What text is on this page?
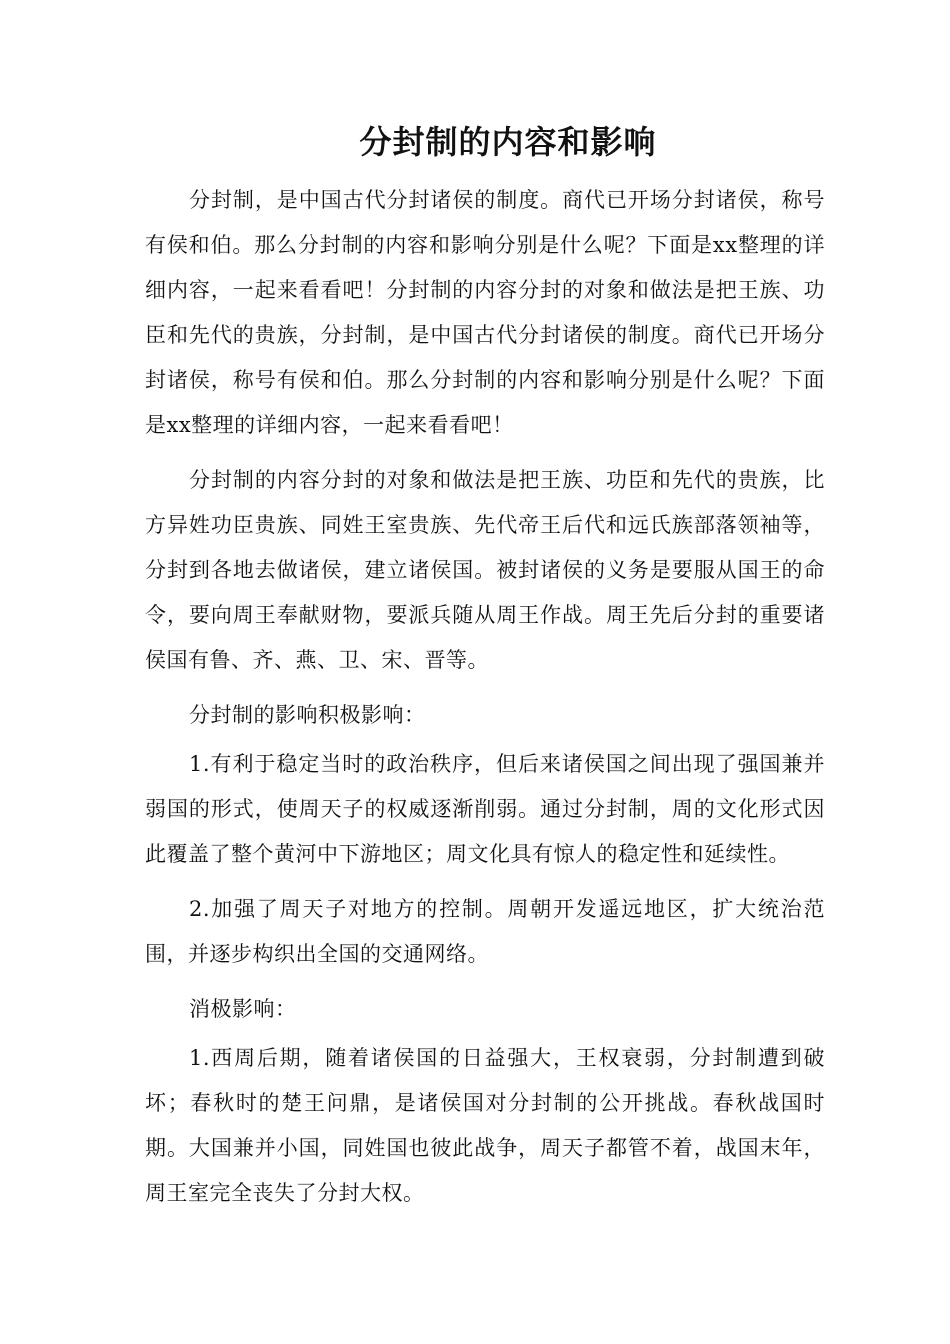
分封制的内容和影响

分封制，是中国古代分封诸侯的制度。商代已开场分封诸侯，称号有侯和伯。那么分封制的内容和影响分别是什么呢？下面是xx整理的详细内容，一起来看看吧！分封制的内容分封的对象和做法是把王族、功臣和先代的贵族，分封制，是中国古代分封诸侯的制度。商代已开场分封诸侯，称号有侯和伯。那么分封制的内容和影响分别是什么呢？下面是xx整理的详细内容，一起来看看吧！

分封制的内容分封的对象和做法是把王族、功臣和先代的贵族，比方异姓功臣贵族、同姓王室贵族、先代帝王后代和远氏族部落领袖等，分封到各地去做诸侯，建立诸侯国。被封诸侯的义务是要服从国王的命令，要向周王奉献财物，要派兵随从周王作战。周王先后分封的重要诸侯国有鲁、齐、燕、卫、宋、晋等。

分封制的影响积极影响：

1.有利于稳定当时的政治秩序，但后来诸侯国之间出现了强国兼并弱国的形式，使周天子的权威逐渐削弱。通过分封制，周的文化形式因此覆盖了整个黄河中下游地区；周文化具有惊人的稳定性和延续性。

2.加强了周天子对地方的控制。周朝开发遥远地区，扩大统治范围，并逐步构织出全国的交通网络。

消极影响：

1.西周后期，随着诸侯国的日益强大，王权衰弱，分封制遭到破坏；春秋时的楚王问鼎，是诸侯国对分封制的公开挑战。春秋战国时期。大国兼并小国，同姓国也彼此战争，周天子都管不着，战国末年，周王室完全丧失了分封大权。
